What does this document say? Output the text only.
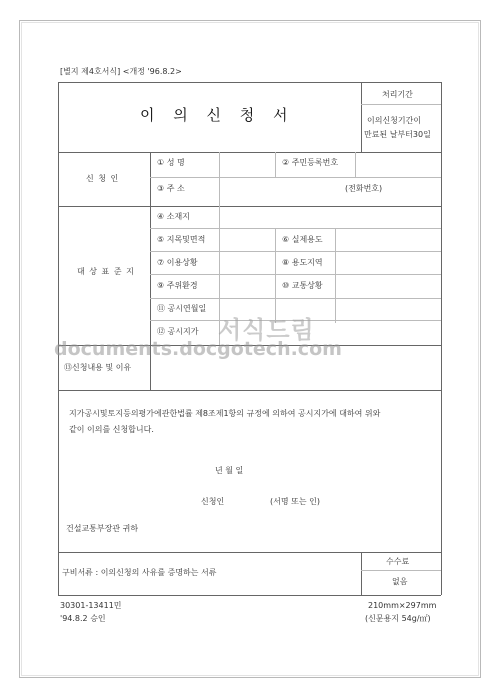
[별지 제4호서식] <개정 '96.8.2>
이 의 신 청 서
처리기간
이의신청기간이
만료된 날부터30일
신 청 인
① 성 명	② 주민등록번호
③ 주 소	(전화번호)
대 상 표 준 지
④ 소재지
⑤ 지목및면적	⑥ 실제용도
⑦ 이용상황	⑧ 용도지역
⑨ 주위환경	⑩ 교통상황
⑪ 공시연월일
⑫ 공시지가
⑬신청내용 및 이유
지가공시및토지등의평가에관한법률 제8조제1항의 규정에 의하여 공시지가에 대하여 위와
같이 이의를 신청합니다.
년 월 일
신청인	(서명 또는 인)
건설교통부장관 귀하
구비서류 : 이의신청의 사유를 증명하는 서류
수수료
없음
30301-13411민
'94.8.2 승인
210mm×297mm
(신문용지 54g/㎡)
서식드림
documents.docgotech.com
